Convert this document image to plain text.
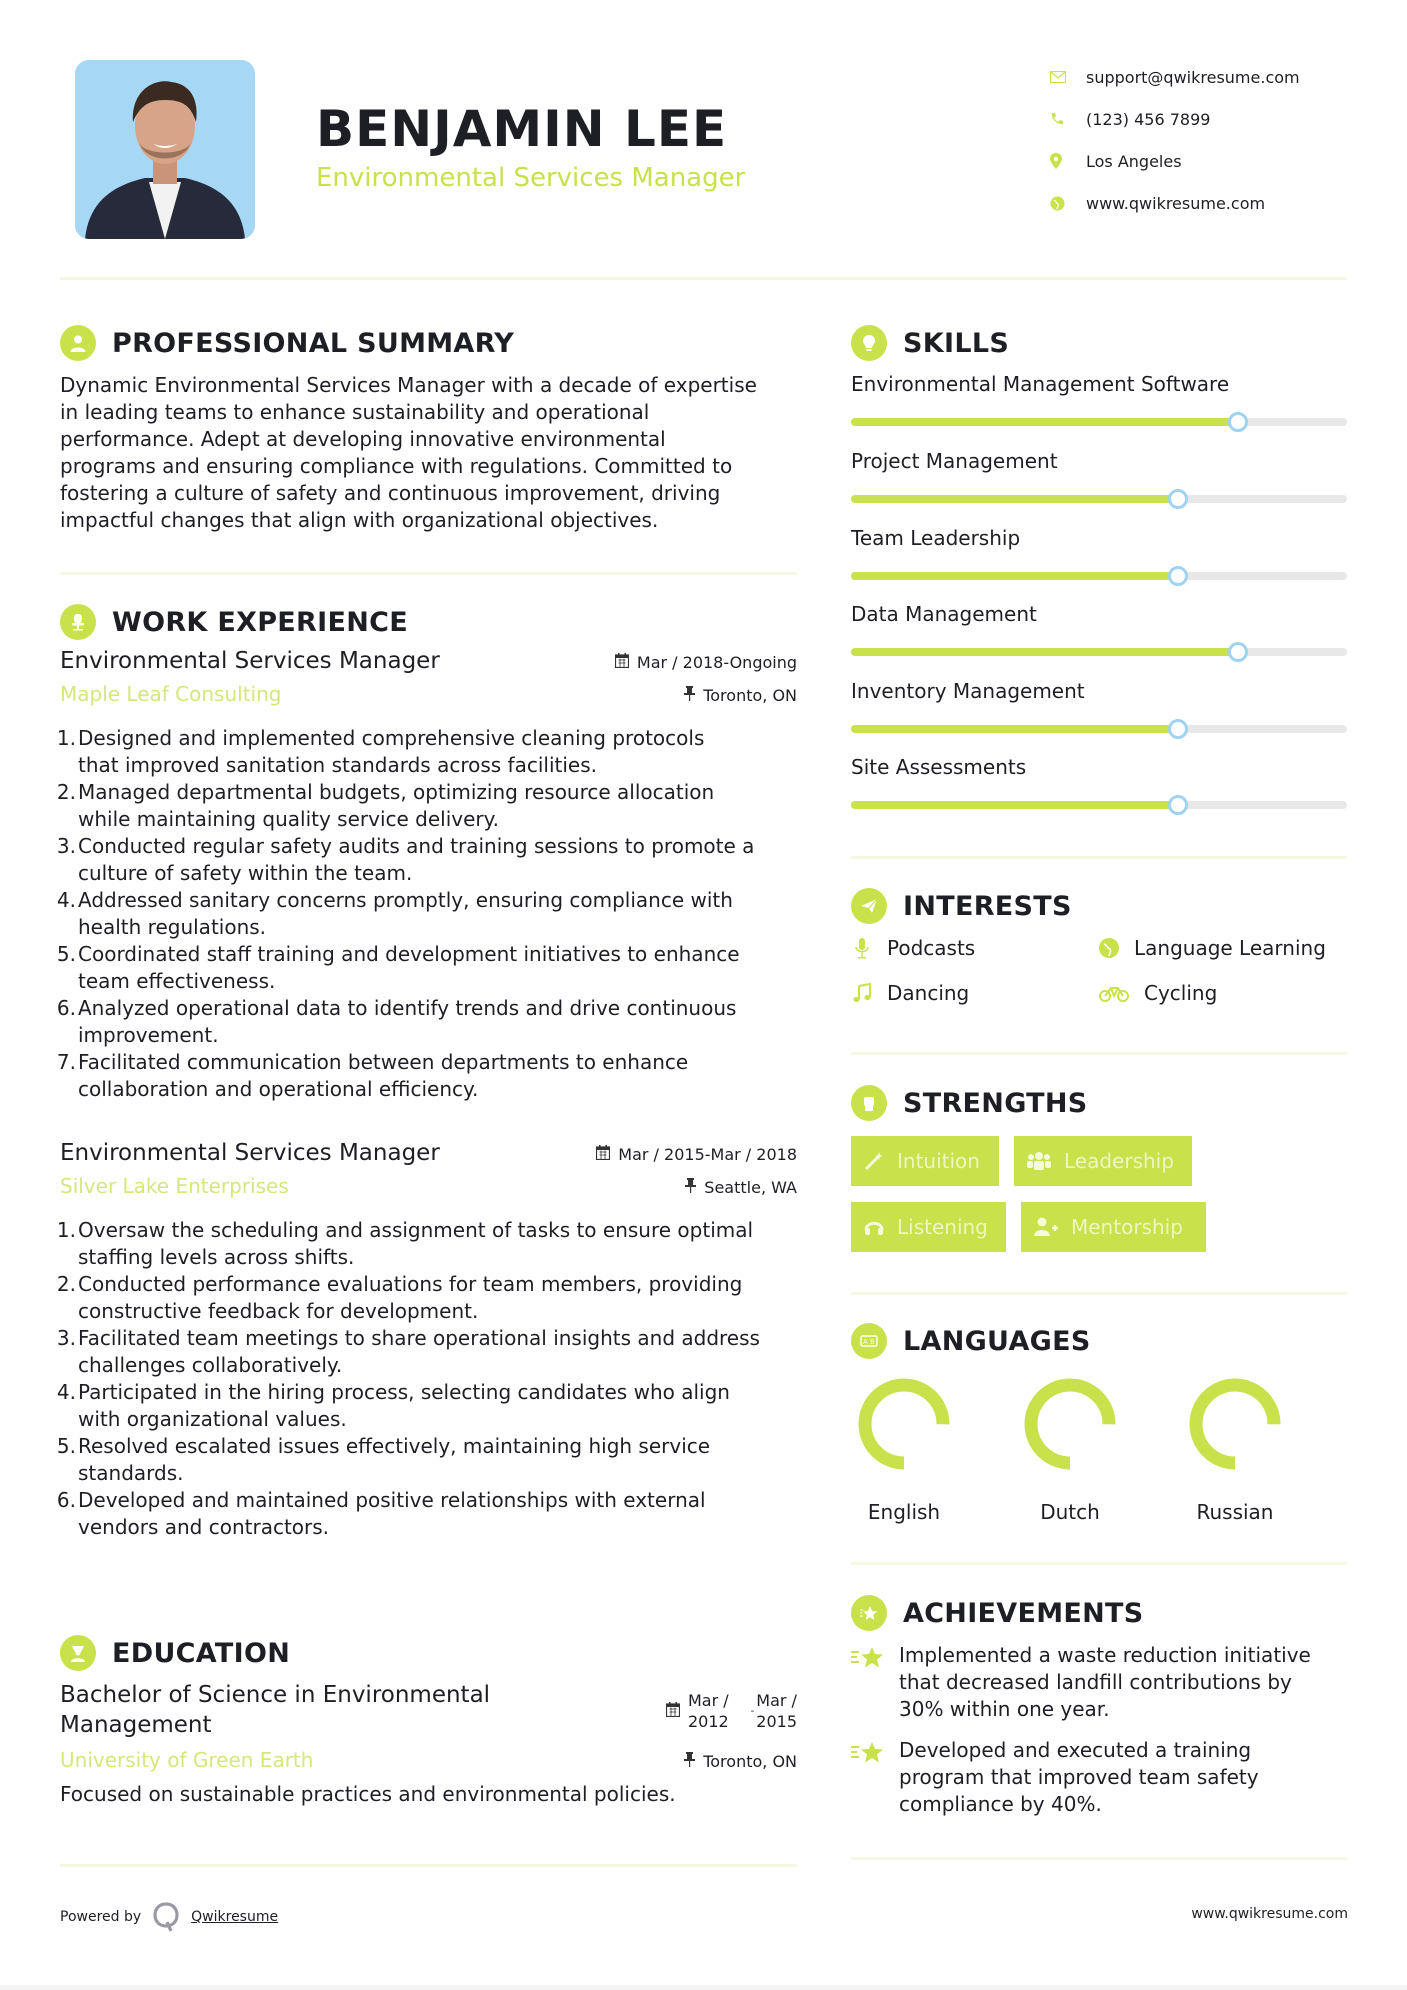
BENJAMIN LEE
Environmental Services Manager
support@qwikresume.com
(123) 456 7899
Los Angeles
www.qwikresume.com
PROFESSIONAL SUMMARY
Dynamic Environmental Services Manager with a decade of expertise
in leading teams to enhance sustainability and operational
performance. Adept at developing innovative environmental
programs and ensuring compliance with regulations. Committed to
fostering a culture of safety and continuous improvement, driving
impactful changes that align with organizational objectives.
WORK EXPERIENCE
Environmental Services Manager	Mar / 2018-Ongoing
Maple Leaf Consulting	Toronto, ON
1. Designed and implemented comprehensive cleaning protocols
that improved sanitation standards across facilities.
2. Managed departmental budgets, optimizing resource allocation
while maintaining quality service delivery.
3. Conducted regular safety audits and training sessions to promote a
culture of safety within the team.
4. Addressed sanitary concerns promptly, ensuring compliance with
health regulations.
5. Coordinated staff training and development initiatives to enhance
team effectiveness.
6. Analyzed operational data to identify trends and drive continuous
improvement.
7. Facilitated communication between departments to enhance
collaboration and operational efficiency.
Environmental Services Manager	Mar / 2015-Mar / 2018
Silver Lake Enterprises	Seattle, WA
1. Oversaw the scheduling and assignment of tasks to ensure optimal
staffing levels across shifts.
2. Conducted performance evaluations for team members, providing
constructive feedback for development.
3. Facilitated team meetings to share operational insights and address
challenges collaboratively.
4. Participated in the hiring process, selecting candidates who align
with organizational values.
5. Resolved escalated issues effectively, maintaining high service
standards.
6. Developed and maintained positive relationships with external
vendors and contractors.
EDUCATION
Bachelor of Science in Environmental
Management
Mar /
2012
-
Mar /
2015
University of Green Earth	Toronto, ON
Focused on sustainable practices and environmental policies.
SKILLS
Environmental Management Software
Project Management
Team Leadership
Data Management
Inventory Management
Site Assessments
INTERESTS
Podcasts	Language Learning
Dancing	Cycling
STRENGTHS
Intuition	Leadership
Listening	Mentorship
A B LANGUAGES
English	Dutch	Russian
ACHIEVEMENTS
Implemented a waste reduction initiative
that decreased landfill contributions by
30% within one year.
Developed and executed a training
program that improved team safety
compliance by 40%.
Powered by	Qwikresume	www.qwikresume.com
